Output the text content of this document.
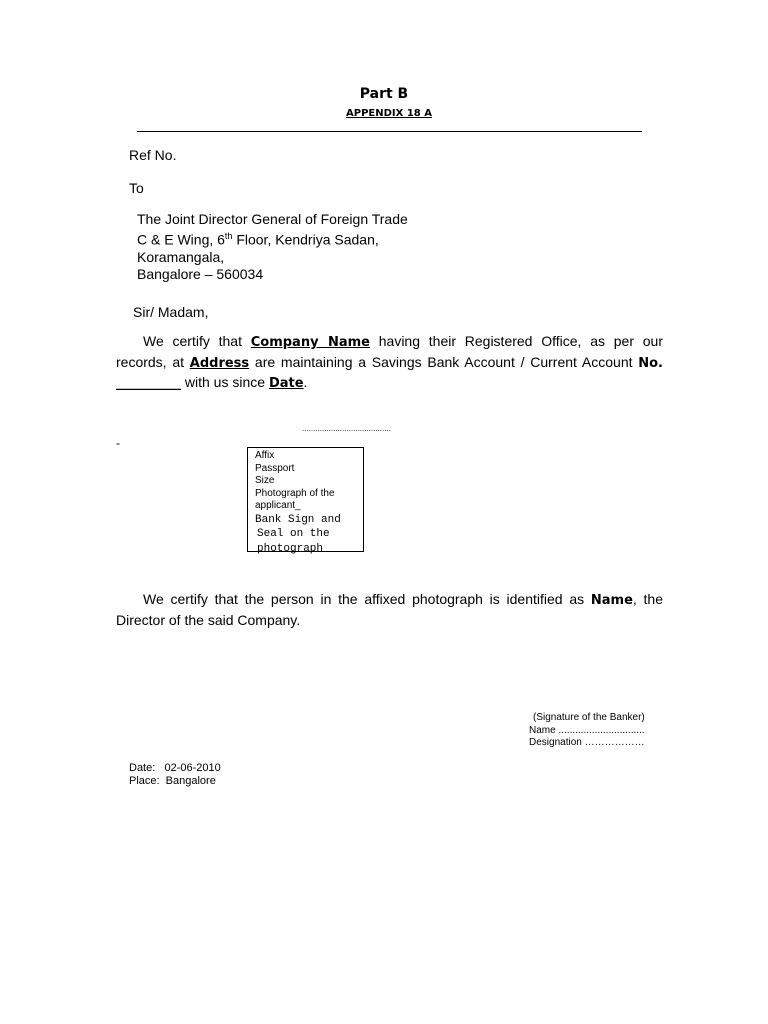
Part B
APPENDIX 18 A
Ref No.
To
The Joint Director General of Foreign Trade
C & E Wing, 6th Floor, Kendriya Sadan,
Koramangala,
Bangalore – 560034
Sir/ Madam,
We certify that Company Name having their Registered Office, as per our records, at Address are maintaining a Savings Bank Account / Current Account No. __________ with us since Date.
........................................
-
Affix
Passport
Size
Photograph of the
applicant_
Bank Sign and
Seal on the
photograph
We certify that the person in the affixed photograph is identified as Name, the Director of the said Company.
(Signature of the Banker)
Name ...............................
Designation ………………
Date:   02-06-2010
Place:  Bangalore
